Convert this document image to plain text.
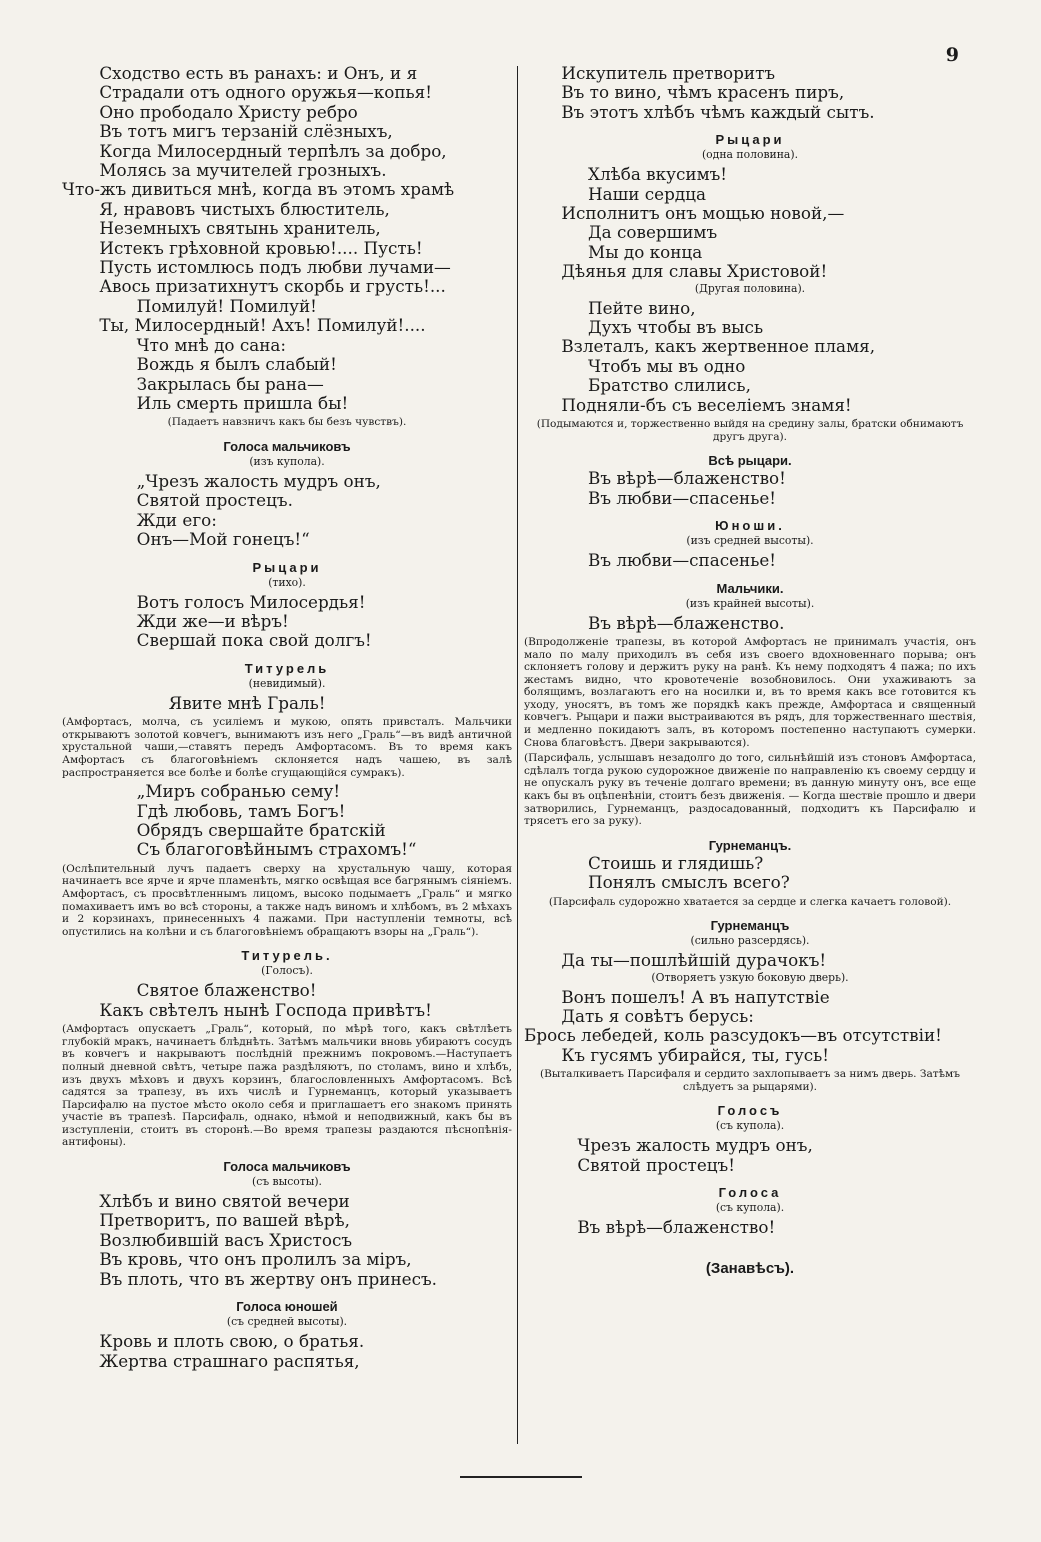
9
Сходство есть въ ранахъ: и Онъ, и я
Страдали отъ одного оружья—копья!
Оно прободало Христу ребро
Въ тотъ мигъ терзаній слёзныхъ,
Когда Милосердный терпѣлъ за добро,
Молясь за мучителей грозныхъ.
Что-жъ дивиться мнѣ, когда въ этомъ храмѣ
Я, нравовъ чистыхъ блюститель,
Неземныхъ святынь хранитель,
Истекъ грѣховной кровью!.... Пусть!
Пусть истомлюсь подъ любви лучами—
Авось призатихнутъ скорбь и грусть!...
Помилуй! Помилуй!
Ты, Милосердный! Ахъ! Помилуй!....
Что мнѣ до сана:
Вождь я былъ слабый!
Закрылась бы рана—
Иль смерть пришла бы!
(Падаетъ навзничъ какъ бы безъ чувствъ).
Голоса мальчиковъ
(изъ купола).
„Чрезъ жалость мудръ онъ,
Святой простецъ.
Жди его:
Онъ—Мой гонецъ!“
Рыцари
(тихо).
Вотъ голосъ Милосердья!
Жди же—и вѣръ!
Свершай пока свой долгъ!
Титурель
(невидимый).
Явите мнѣ Граль!
(Амфортасъ, молча, съ усиліемъ и мукою, опять привсталъ. Мальчики открываютъ золотой ковчегъ, вынимаютъ изъ него „Граль“—въ видѣ античной хрустальной чаши,—ставятъ передъ Амфортасомъ. Въ то время какъ Амфортасъ съ благоговѣніемъ склоняется надъ чашею, въ залѣ распространяется все болѣе и болѣе сгущающійся сумракъ).
„Миръ собранью сему!
Гдѣ любовь, тамъ Богъ!
Обрядъ свершайте братскій
Съ благоговѣйнымъ страхомъ!“
(Ослѣпительный лучъ падаетъ сверху на хрустальную чашу, которая начинаетъ все ярче и ярче пламенѣть, мягко освѣщая все багрянымъ сіяніемъ. Амфортасъ, съ просвѣтленнымъ лицомъ, высоко подымаетъ „Граль“ и мягко помахиваетъ имъ во всѣ стороны, а также надъ виномъ и хлѣбомъ, въ 2 мѣхахъ и 2 корзинахъ, принесенныхъ 4 пажами. При наступленіи темноты, всѣ опустились на колѣни и съ благоговѣніемъ обращаютъ взоры на „Граль“).
Титурель.
(Голосъ).
Святое блаженство!
Какъ свѣтелъ нынѣ Господа привѣтъ!
(Амфортасъ опускаетъ „Граль“, который, по мѣрѣ того, какъ свѣтлѣетъ глубокій мракъ, начинаетъ блѣднѣть. Затѣмъ мальчики вновь убираютъ сосудъ въ ковчегъ и накрываютъ послѣдній прежнимъ покровомъ.—Наступаетъ полный дневной свѣтъ, четыре пажа раздѣляютъ, по столамъ, вино и хлѣбъ, изъ двухъ мѣховъ и двухъ корзинъ, благословленныхъ Амфортасомъ. Всѣ садятся за трапезу, въ ихъ числѣ и Гурнеманцъ, который указываетъ Парсифалю на пустое мѣсто около себя и приглашаетъ его знакомъ принять участіе въ трапезѣ. Парсифаль, однако, нѣмой и неподвижный, какъ бы въ изступленіи, стоитъ въ сторонѣ.—Во время трапезы раздаются пѣснопѣнія-антифоны).
Голоса мальчиковъ
(съ высоты).
Хлѣбъ и вино святой вечери
Претворитъ, по вашей вѣрѣ,
Возлюбившій васъ Христосъ
Въ кровь, что онъ пролилъ за міръ,
Въ плоть, что въ жертву онъ принесъ.
Голоса юношей
(съ средней высоты).
Кровь и плоть свою, о братья.
Жертва страшнаго распятья,
Искупитель претворитъ
Въ то вино, чѣмъ красенъ пиръ,
Въ этотъ хлѣбъ чѣмъ каждый сытъ.
Рыцари
(одна половина).
Хлѣба вкусимъ!
Наши сердца
Исполнитъ онъ мощью новой,—
Да совершимъ
Мы до конца
Дѣянья для славы Христовой!
(Другая половина).
Пейте вино,
Духъ чтобы въ высь
Взлеталъ, какъ жертвенное пламя,
Чтобъ мы въ одно
Братство слились,
Подняли-бъ съ веселіемъ знамя!
(Подымаются и, торжественно выйдя на средину залы, братски обнимаютъ другъ друга).
Всѣ рыцари.
Въ вѣрѣ—блаженство!
Въ любви—спасенье!
Юноши.
(изъ средней высоты).
Въ любви—спасенье!
Мальчики.
(изъ крайней высоты).
Въ вѣрѣ—блаженство.
(Впродолженіе трапезы, въ которой Амфортасъ не принималъ участія, онъ мало по малу приходилъ въ себя изъ своего вдохновеннаго порыва; онъ склоняетъ голову и держитъ руку на ранѣ. Къ нему подходятъ 4 пажа; по ихъ жестамъ видно, что кровотеченіе возобновилось. Они ухаживаютъ за болящимъ, возлагаютъ его на носилки и, въ то время какъ все готовится къ уходу, уносятъ, въ томъ же порядкѣ какъ прежде, Амфортаса и священный ковчегъ. Рыцари и пажи выстраиваются въ рядъ, для торжественнаго шествія, и медленно покидаютъ залъ, въ которомъ постепенно наступаютъ сумерки. Снова благовѣстъ. Двери закрываются).
(Парсифаль, услышавъ незадолго до того, сильнѣйшій изъ стоновъ Амфортаса, сдѣлалъ тогда рукою судорожное движеніе по направленію къ своему сердцу и не опускалъ руку въ теченіе долгаго времени; въ данную минуту онъ, все еще какъ бы въ оцѣпенѣніи, стоитъ безъ движенія. — Когда шествіе прошло и двери затворились, Гурнеманцъ, раздосадованный, подходитъ къ Парсифалю и трясетъ его за руку).
Гурнеманцъ.
Стоишь и глядишь?
Понялъ смыслъ всего?
(Парсифаль судорожно хватается за сердце и слегка качаетъ головой).
Гурнеманцъ
(сильно разсердясь).
Да ты—пошлѣйшій дурачокъ!
(Отворяетъ узкую боковую дверь).
Вонъ пошелъ! А въ напутствіе
Дать я совѣтъ берусь:
Брось лебедей, коль разсудокъ—въ отсутствіи!
Къ гусямъ убирайся, ты, гусь!
(Выталкиваетъ Парсифаля и сердито захлопываетъ за нимъ дверь. Затѣмъ слѣдуетъ за рыцарями).
Голосъ
(съ купола).
Чрезъ жалость мудръ онъ,
Святой простецъ!
Голоса
(съ купола).
Въ вѣрѣ—блаженство!
(Занавѣсъ).
